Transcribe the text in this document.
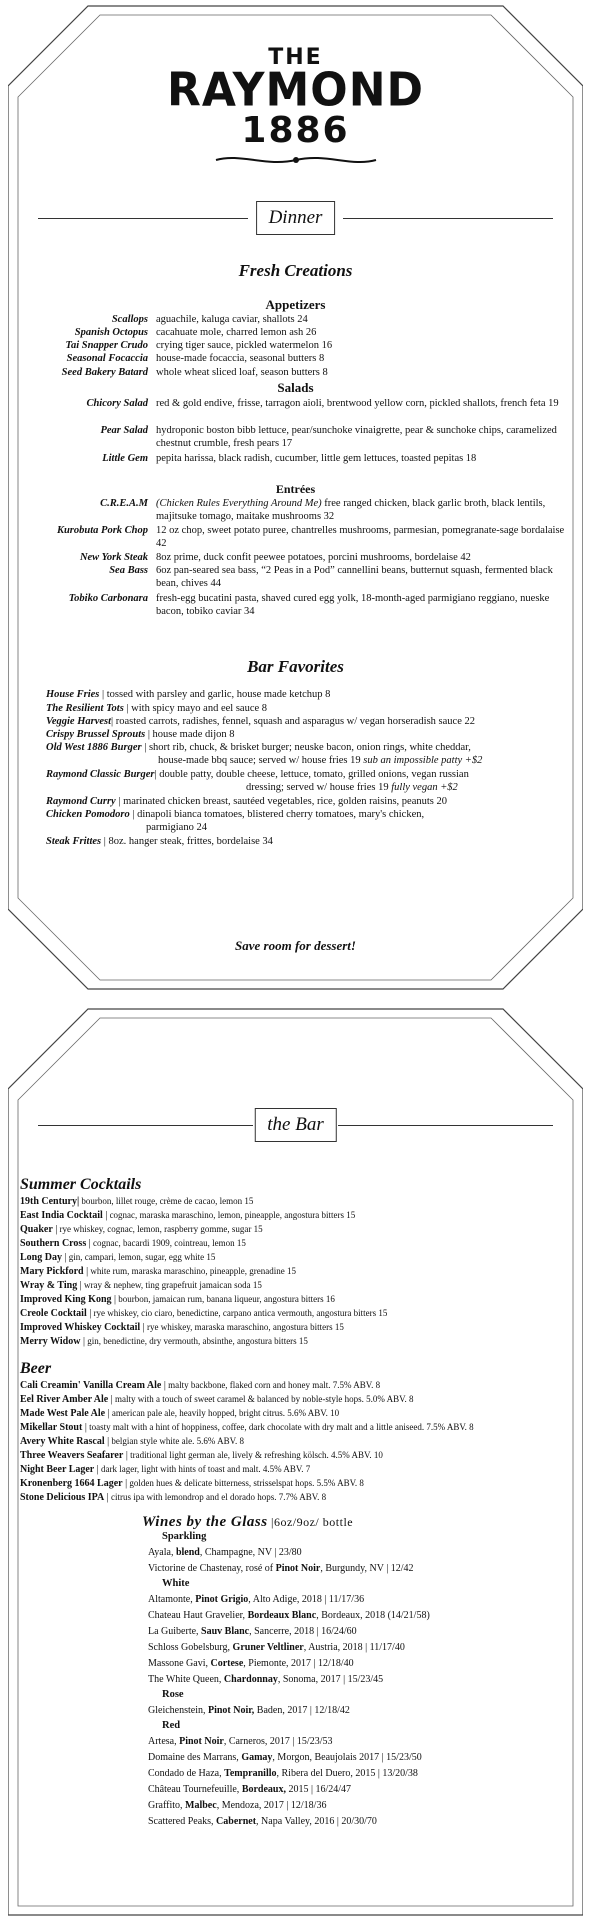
THE
RAYMOND
1886
Dinner
Fresh Creations
Appetizers
Scallops aguachile, kaluga caviar, shallots 24
Spanish Octopus cacahuate mole, charred lemon ash 26
Tai Snapper Crudo crying tiger sauce, pickled watermelon 16
Seasonal Focaccia house-made focaccia, seasonal butters 8
Seed Bakery Batard whole wheat sliced loaf, season butters 8
Salads
Chicory Salad red & gold endive, frisse, tarragon aioli, brentwood yellow corn, pickled shallots, french feta 19
Pear Salad hydroponic boston bibb lettuce, pear/sunchoke vinaigrette, pear & sunchoke chips, caramelized chestnut crumble, fresh pears 17
Little Gem pepita harissa, black radish, cucumber, little gem lettuces, toasted pepitas 18
Entrées
C.R.E.A.M (Chicken Rules Everything Around Me) free ranged chicken, black garlic broth, black lentils, majitsuke tomago, maitake mushrooms 32
Kurobuta Pork Chop 12 oz chop, sweet potato puree, chantrelles mushrooms, parmesian, pomegranate-sage bordalaise 42
New York Steak 8oz prime, duck confit peewee potatoes, porcini mushrooms, bordelaise 42
Sea Bass 6oz pan-seared sea bass, “2 Peas in a Pod” cannellini beans, butternut squash, fermented black bean, chives 44
Tobiko Carbonara fresh-egg bucatini pasta, shaved cured egg yolk, 18-month-aged parmigiano reggiano, nueske bacon, tobiko caviar 34
Bar Favorites
House Fries | tossed with parsley and garlic, house made ketchup 8
The Resilient Tots | with spicy mayo and eel sauce 8
Veggie Harvest| roasted carrots, radishes, fennel, squash and asparagus w/ vegan horseradish sauce 22
Crispy Brussel Sprouts | house made dijon 8
Old West 1886 Burger | short rib, chuck, & brisket burger; neuske bacon, onion rings, white cheddar,
house-made bbq sauce; served w/ house fries 19 sub an impossible patty +$2
Raymond Classic Burger| double patty, double cheese, lettuce, tomato, grilled onions, vegan russian
dressing; served w/ house fries 19 fully vegan +$2
Raymond Curry | marinated chicken breast, sautéed vegetables, rice, golden raisins, peanuts 20
Chicken Pomodoro | dinapoli bianca tomatoes, blistered cherry tomatoes, mary's chicken,
parmigiano 24
Steak Frittes | 8oz. hanger steak, frittes, bordelaise 34
Save room for dessert!
the Bar
Summer Cocktails
19th Century| bourbon, lillet rouge, crème de cacao, lemon 15
East India Cocktail | cognac, maraska maraschino, lemon, pineapple, angostura bitters 15
Quaker | rye whiskey, cognac, lemon, raspberry gomme, sugar 15
Southern Cross | cognac, bacardi 1909, cointreau, lemon 15
Long Day | gin, campari, lemon, sugar, egg white 15
Mary Pickford | white rum, maraska maraschino, pineapple, grenadine 15
Wray & Ting | wray & nephew, ting grapefruit jamaican soda 15
Improved King Kong | bourbon, jamaican rum, banana liqueur, angostura bitters 16
Creole Cocktail | rye whiskey, cio ciaro, benedictine, carpano antica vermouth, angostura bitters 15
Improved Whiskey Cocktail | rye whiskey, maraska maraschino, angostura bitters 15
Merry Widow | gin, benedictine, dry vermouth, absinthe, angostura bitters 15
Beer
Cali Creamin' Vanilla Cream Ale | malty backbone, flaked corn and honey malt. 7.5% ABV. 8
Eel River Amber Ale | malty with a touch of sweet caramel & balanced by noble-style hops. 5.0% ABV. 8
Made West Pale Ale | american pale ale, heavily hopped, bright citrus. 5.6% ABV. 10
Mikellar Stout | toasty malt with a hint of hoppiness, coffee, dark chocolate with dry malt and a little aniseed. 7.5% ABV. 8
Avery White Rascal | belgian style white ale. 5.6% ABV. 8
Three Weavers Seafarer | traditional light german ale, lively & refreshing kölsch. 4.5% ABV. 10
Night Beer Lager | dark lager, light with hints of toast and malt. 4.5% ABV. 7
Kronenberg 1664 Lager | golden hues & delicate bitterness, strisselspat hops. 5.5% ABV. 8
Stone Delicious IPA | citrus ipa with lemondrop and el dorado hops. 7.7% ABV. 8
Wines by the Glass |6oz/9oz/ bottle
Sparkling
Ayala, blend, Champagne, NV | 23/80
Victorine de Chastenay, rosé of Pinot Noir, Burgundy, NV | 12/42
White
Altamonte, Pinot Grigio, Alto Adige, 2018 | 11/17/36
Chateau Haut Gravelier, Bordeaux Blanc, Bordeaux, 2018 (14/21/58)
La Guiberte, Sauv Blanc, Sancerre, 2018 | 16/24/60
Schloss Gobelsburg, Gruner Veltliner, Austria, 2018 | 11/17/40
Massone Gavi, Cortese, Piemonte, 2017 | 12/18/40
The White Queen, Chardonnay, Sonoma, 2017 | 15/23/45
Rose
Gleichenstein, Pinot Noir, Baden, 2017 | 12/18/42
Red
Artesa, Pinot Noir, Carneros, 2017 | 15/23/53
Domaine des Marrans, Gamay, Morgon, Beaujolais 2017 | 15/23/50
Condado de Haza, Tempranillo, Ribera del Duero, 2015 | 13/20/38
Château Tournefeuille, Bordeaux, 2015 | 16/24/47
Graffito, Malbec, Mendoza, 2017 | 12/18/36
Scattered Peaks, Cabernet, Napa Valley, 2016 | 20/30/70
